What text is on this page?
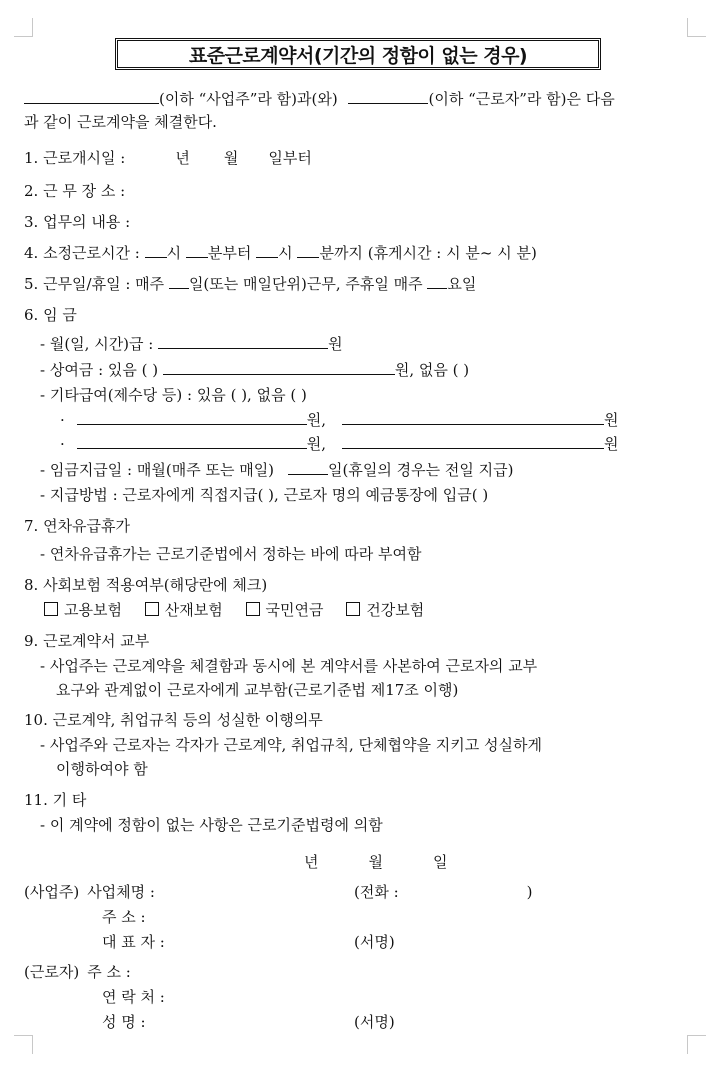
표준근로계약서(기간의 정함이 없는 경우)
(이하 “사업주”라 함)과(와)	(이하 “근로자”라 함)은 다음
과 같이 근로계약을 체결한다.
1. 근로개시일 :	년 월 일부터
2. 근 무 장 소 :
3. 업무의 내용 :
4. 소정근로시간 : 시 분부터 시 분까지 (휴게시간 : 시 분~ 시 분)
5. 근무일/휴일 : 매주 일(또는 매일단위)근무, 주휴일 매주 요일
6. 임 금
- 월(일, 시간)급 :	원
- 상여금 : 있음 ( )	원, 없음 ( )
- 기타급여(제수당 등) : 있음 ( ), 없음 ( )
·	원,	원
·	원,	원
- 임금지급일 : 매월(매주 또는 매일)	일(휴일의 경우는 전일 지급)
- 지급방법 : 근로자에게 직접지급( ), 근로자 명의 예금통장에 입금( )
7. 연차유급휴가
- 연차유급휴가는 근로기준법에서 정하는 바에 따라 부여함
8. 사회보험 적용여부(해당란에 체크)
고용보험	산재보험	국민연금	건강보험
9. 근로계약서 교부
- 사업주는 근로계약을 체결함과 동시에 본 계약서를 사본하여 근로자의 교부
요구와 관계없이 근로자에게 교부함(근로기준법 제17조 이행)
10. 근로계약, 취업규칙 등의 성실한 이행의무
- 사업주와 근로자는 각자가 근로계약, 취업규칙, 단체협약을 지키고 성실하게
이행하여야 함
11. 기 타
- 이 계약에 정함이 없는 사항은 근로기준법령에 의함
년	월	일
(사업주) 사업체명 :	(전화 :	)
주 소 :
대 표 자 :	(서명)
(근로자) 주 소 :
연 락 처 :
성 명 :	(서명)
